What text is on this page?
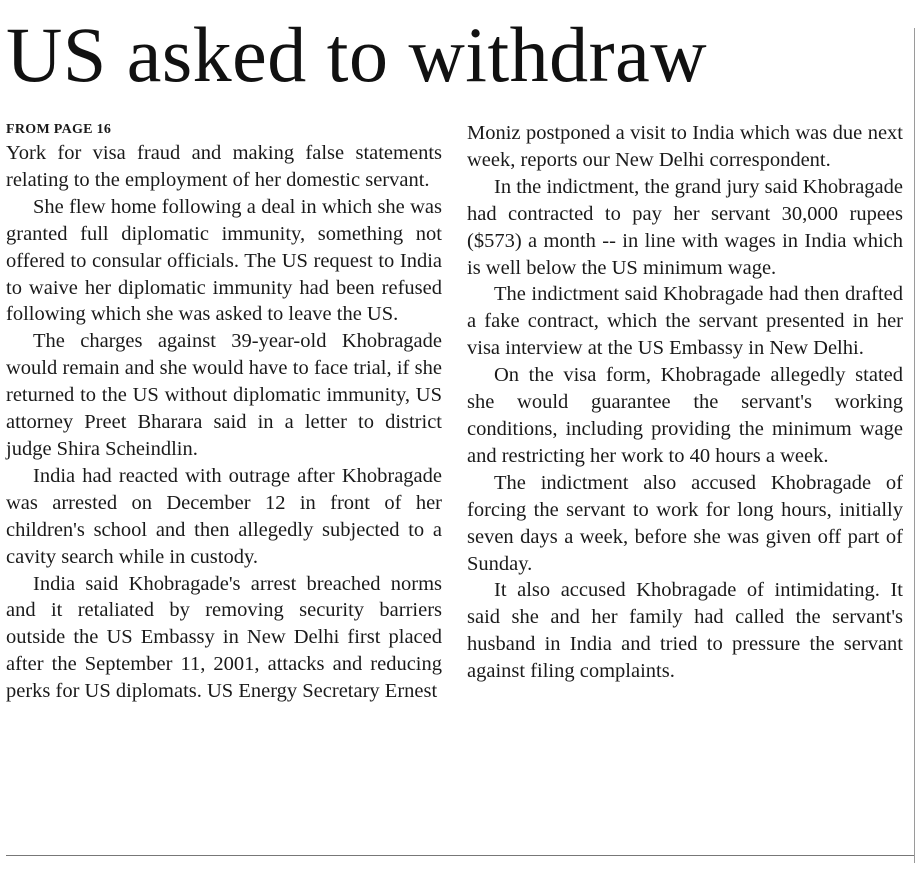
US asked to withdraw
FROM PAGE 16

York for visa fraud and making false statements relating to the employment of her domestic servant.

She flew home following a deal in which she was granted full diplomatic immunity, something not offered to consular officials. The US request to India to waive her diplomatic immunity had been refused following which she was asked to leave the US.

The charges against 39-year-old Khobragade would remain and she would have to face trial, if she returned to the US without diplomatic immunity, US attorney Preet Bharara said in a letter to district judge Shira Scheindlin.

India had reacted with outrage after Khobragade was arrested on December 12 in front of her children's school and then allegedly subjected to a cavity search while in custody.

India said Khobragade's arrest breached norms and it retaliated by removing security barriers outside the US Embassy in New Delhi first placed after the September 11, 2001, attacks and reducing perks for US diplomats. US Energy Secretary Ernest

Moniz postponed a visit to India which was due next week, reports our New Delhi correspondent.

In the indictment, the grand jury said Khobragade had contracted to pay her servant 30,000 rupees ($573) a month -- in line with wages in India which is well below the US minimum wage.

The indictment said Khobragade had then drafted a fake contract, which the servant presented in her visa interview at the US Embassy in New Delhi.

On the visa form, Khobragade allegedly stated she would guarantee the servant's working conditions, including providing the minimum wage and restricting her work to 40 hours a week.

The indictment also accused Khobragade of forcing the servant to work for long hours, initially seven days a week, before she was given off part of Sunday.

It also accused Khobragade of intimidating. It said she and her family had called the servant's husband in India and tried to pressure the servant against filing complaints.
